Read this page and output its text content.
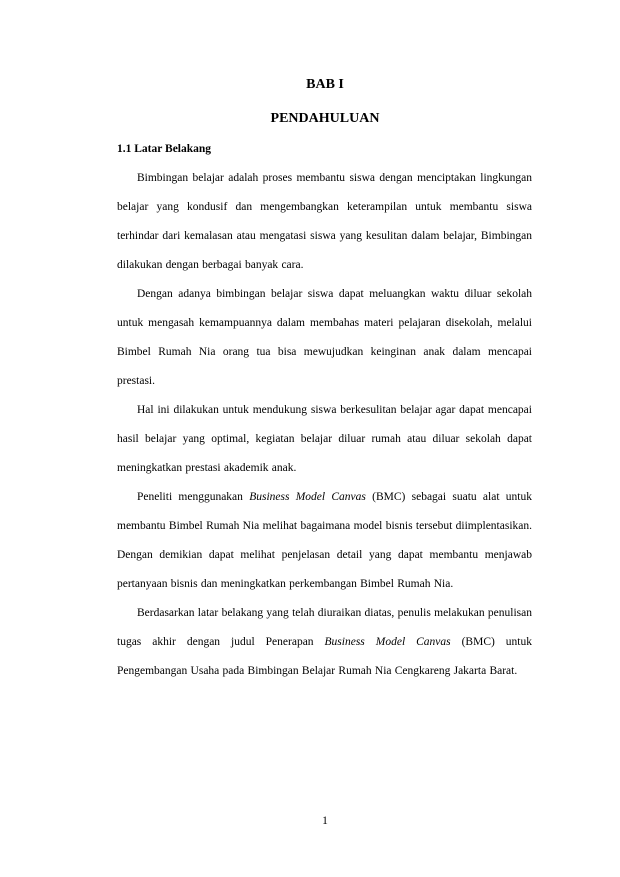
BAB I
PENDAHULUAN
1.1 Latar Belakang

Bimbingan belajar adalah proses membantu siswa dengan menciptakan lingkungan belajar yang kondusif dan mengembangkan keterampilan untuk membantu siswa terhindar dari kemalasan atau mengatasi siswa yang kesulitan dalam belajar, Bimbingan dilakukan dengan berbagai banyak cara.

Dengan adanya bimbingan belajar siswa dapat meluangkan waktu diluar sekolah untuk mengasah kemampuannya dalam membahas materi pelajaran disekolah, melalui Bimbel Rumah Nia orang tua bisa mewujudkan keinginan anak dalam mencapai prestasi.

Hal ini dilakukan untuk mendukung siswa berkesulitan belajar agar dapat mencapai hasil belajar yang optimal, kegiatan belajar diluar rumah atau diluar sekolah dapat meningkatkan prestasi akademik anak.

Peneliti menggunakan Business Model Canvas (BMC) sebagai suatu alat untuk membantu Bimbel Rumah Nia melihat bagaimana model bisnis tersebut diimplentasikan. Dengan demikian dapat melihat penjelasan detail yang dapat membantu menjawab pertanyaan bisnis dan meningkatkan perkembangan Bimbel Rumah Nia.

Berdasarkan latar belakang yang telah diuraikan diatas, penulis melakukan penulisan tugas akhir dengan judul Penerapan Business Model Canvas (BMC) untuk Pengembangan Usaha pada Bimbingan Belajar Rumah Nia Cengkareng Jakarta Barat.

1
